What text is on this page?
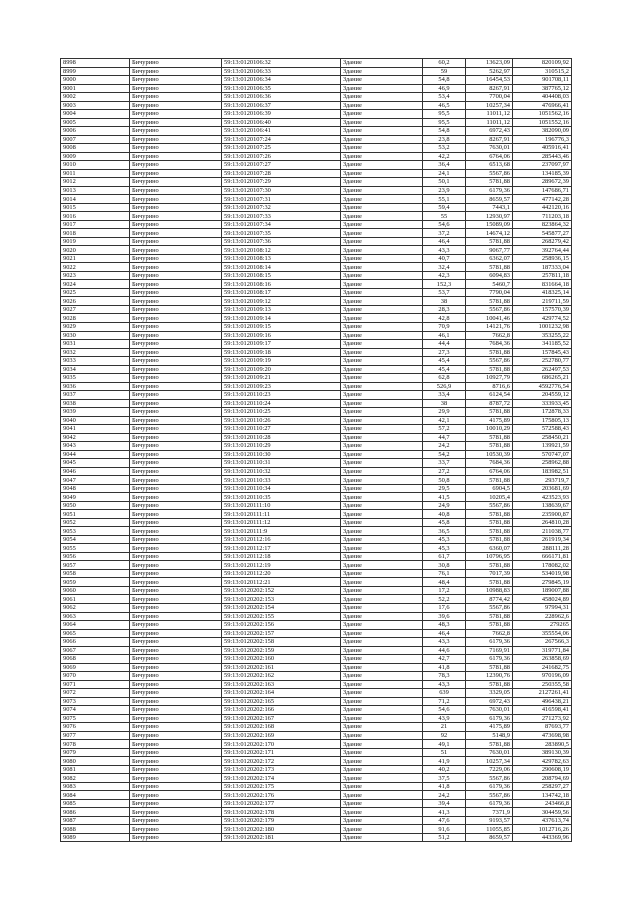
8998	Бичурино	59:13:0120106:32	Здание	60,2	13623,09	820109,92
8999	Бичурино	59:13:0120106:33	Здание	59	5262,97	310515,2
9000	Бичурино	59:13:0120106:34	Здание	54,8	16454,53	901708,11
9001	Бичурино	59:13:0120106:35	Здание	46,9	8267,91	387765,12
9002	Бичурино	59:13:0120106:36	Здание	53,4	7700,04	404408,03
9003	Бичурино	59:13:0120106:37	Здание	46,5	10257,34	476966,41
9004	Бичурино	59:13:0120106:39	Здание	95,5	11011,12	1051562,16
9005	Бичурино	59:13:0120106:40	Здание	95,5	11011,12	1051552,16
9006	Бичурино	59:13:0120106:41	Здание	54,8	6972,43	382090,09
9007	Бичурино	59:13:0120107:24	Здание	23,8	8267,91	196776,3
9008	Бичурино	59:13:0120107:25	Здание	53,2	7630,01	405916,41
9009	Бичурино	59:13:0120107:26	Здание	42,2	6764,06	285443,46
9010	Бичурино	59:13:0120107:27	Здание	36,4	6513,68	237097,97
9011	Бичурино	59:13:0120107:28	Здание	24,1	5567,86	134185,39
9012	Бичурино	59:13:0120107:29	Здание	50,1	5781,88	289672,39
9013	Бичурино	59:13:0120107:30	Здание	23,9	6179,36	147686,71
9014	Бичурино	59:13:0120107:31	Здание	55,1	8659,57	477142,28
9015	Бичурино	59:13:0120107:32	Здание	59,4	7443,1	442120,16
9016	Бичурино	59:13:0120107:33	Здание	55	12930,97	711203,18
9017	Бичурино	59:13:0120107:34	Здание	54,6	15089,09	823864,32
9018	Бичурино	59:13:0120107:35	Здание	37,2	14674,12	545877,27
9019	Бичурино	59:13:0120107:36	Здание	46,4	5781,88	268279,42
9020	Бичурино	59:13:0120108:12	Здание	43,3	9067,77	392764,44
9021	Бичурино	59:13:0120108:13	Здание	40,7	6362,07	258936,15
9022	Бичурино	59:13:0120108:14	Здание	32,4	5781,88	187333,04
9023	Бичурино	59:13:0120108:15	Здание	42,3	6094,83	257811,18
9024	Бичурино	59:13:0120108:16	Здание	152,3	5460,7	831664,18
9025	Бичурино	59:13:0120108:17	Здание	53,7	7790,04	418325,14
9026	Бичурино	59:13:0120109:12	Здание	38	5781,88	219711,59
9027	Бичурино	59:13:0120109:13	Здание	28,3	5567,86	157570,39
9028	Бичурино	59:13:0120109:14	Здание	42,8	10041,46	429774,52
9029	Бичурино	59:13:0120109:15	Здание	70,9	14121,76	1001232,98
9030	Бичурино	59:13:0120109:16	Здание	46,1	7662,8	353255,22
9031	Бичурино	59:13:0120109:17	Здание	44,4	7684,36	341185,52
9032	Бичурино	59:13:0120109:18	Здание	27,3	5781,88	157845,43
9033	Бичурино	59:13:0120109:19	Здание	45,4	5567,86	252780,77
9034	Бичурино	59:13:0120109:20	Здание	45,4	5781,88	262497,53
9035	Бичурино	59:13:0120109:21	Здание	62,8	10927,79	686265,21
9036	Бичурино	59:13:0120109:23	Здание	526,9	8716,6	4592776,54
9037	Бичурино	59:13:0120110:23	Здание	33,4	6124,54	204559,12
9038	Бичурино	59:13:0120110:24	Здание	38	8787,72	333933,45
9039	Бичурино	59:13:0120110:25	Здание	29,9	5781,88	172878,33
9040	Бичурино	59:13:0120110:26	Здание	42,1	4175,89	175805,13
9041	Бичурино	59:13:0120110:27	Здание	57,2	10010,29	572588,43
9042	Бичурино	59:13:0120110:28	Здание	44,7	5781,88	258450,21
9043	Бичурино	59:13:0120110:29	Здание	24,2	5781,88	139921,59
9044	Бичурино	59:13:0120110:30	Здание	54,2	10530,39	570747,07
9045	Бичурино	59:13:0120110:31	Здание	33,7	7684,36	258962,88
9046	Бичурино	59:13:0120110:32	Здание	27,2	6764,06	183982,51
9047	Бичурино	59:13:0120110:33	Здание	50,8	5781,88	293719,7
9048	Бичурино	59:13:0120110:34	Здание	29,5	6904,5	203681,69
9049	Бичурино	59:13:0120110:35	Здание	41,5	10205,4	423523,93
9050	Бичурино	59:13:0120111:10	Здание	24,9	5567,86	138639,67
9051	Бичурино	59:13:0120111:11	Здание	40,8	5781,88	235900,87
9052	Бичурино	59:13:0120111:12	Здание	45,8	5781,88	264810,28
9053	Бичурино	59:13:0120111:9	Здание	36,5	5781,88	211038,77
9054	Бичурино	59:13:0120112:16	Здание	45,3	5781,88	261919,34
9055	Бичурино	59:13:0120112:17	Здание	45,3	6360,07	288111,28
9056	Бичурино	59:13:0120112:18	Здание	61,7	10796,95	666171,81
9057	Бичурино	59:13:0120112:19	Здание	30,8	5781,88	178082,02
9058	Бичурино	59:13:0120112:20	Здание	76,1	7017,39	534019,98
9059	Бичурино	59:13:0120112:21	Здание	48,4	5781,88	279845,19
9060	Бичурино	59:13:0120202:152	Здание	17,2	10988,83	189007,88
9061	Бичурино	59:13:0120202:153	Здание	52,2	8774,42	458024,89
9062	Бичурино	59:13:0120202:154	Здание	17,6	5567,86	97994,31
9063	Бичурино	59:13:0120202:155	Здание	39,6	5781,88	228962,6
9064	Бичурино	59:13:0120202:156	Здание	48,3	5781,88	279265
9065	Бичурино	59:13:0120202:157	Здание	46,4	7662,8	355554,06
9066	Бичурино	59:13:0120202:158	Здание	43,3	6179,36	267566,3
9067	Бичурино	59:13:0120202:159	Здание	44,6	7169,91	319771,84
9068	Бичурино	59:13:0120202:160	Здание	42,7	6179,36	263858,69
9069	Бичурино	59:13:0120202:161	Здание	41,8	5781,88	241682,75
9070	Бичурино	59:13:0120202:162	Здание	78,3	12390,76	970196,09
9071	Бичурино	59:13:0120202:163	Здание	43,3	5781,88	250355,58
9072	Бичурино	59:13:0120202:164	Здание	639	3329,05	2127261,41
9073	Бичурино	59:13:0120202:165	Здание	71,2	6972,43	496438,21
9074	Бичурино	59:13:0120202:166	Здание	54,6	7630,01	416598,41
9075	Бичурино	59:13:0120202:167	Здание	43,9	6179,36	271273,92
9076	Бичурино	59:13:0120202:168	Здание	21	4175,89	87693,77
9077	Бичурино	59:13:0120202:169	Здание	92	5148,9	473698,98
9078	Бичурино	59:13:0120202:170	Здание	49,1	5781,88	283890,5
9079	Бичурино	59:13:0120202:171	Здание	51	7630,01	389130,39
9080	Бичурино	59:13:0120202:172	Здание	41,9	10257,34	429782,63
9081	Бичурино	59:13:0120202:173	Здание	40,2	7229,06	290608,19
9082	Бичурино	59:13:0120202:174	Здание	37,5	5567,86	208794,69
9083	Бичурино	59:13:0120202:175	Здание	41,8	6179,36	258297,27
9084	Бичурино	59:13:0120202:176	Здание	24,2	5567,86	134742,18
9085	Бичурино	59:13:0120202:177	Здание	39,4	6179,36	243466,8
9086	Бичурино	59:13:0120202:178	Здание	41,3	7371,9	304459,56
9087	Бичурино	59:13:0120202:179	Здание	47,6	9193,57	437613,74
9088	Бичурино	59:13:0120202:180	Здание	91,6	11055,85	1012716,26
9089	Бичурино	59:13:0120202:181	Здание	51,2	8659,57	443369,96
